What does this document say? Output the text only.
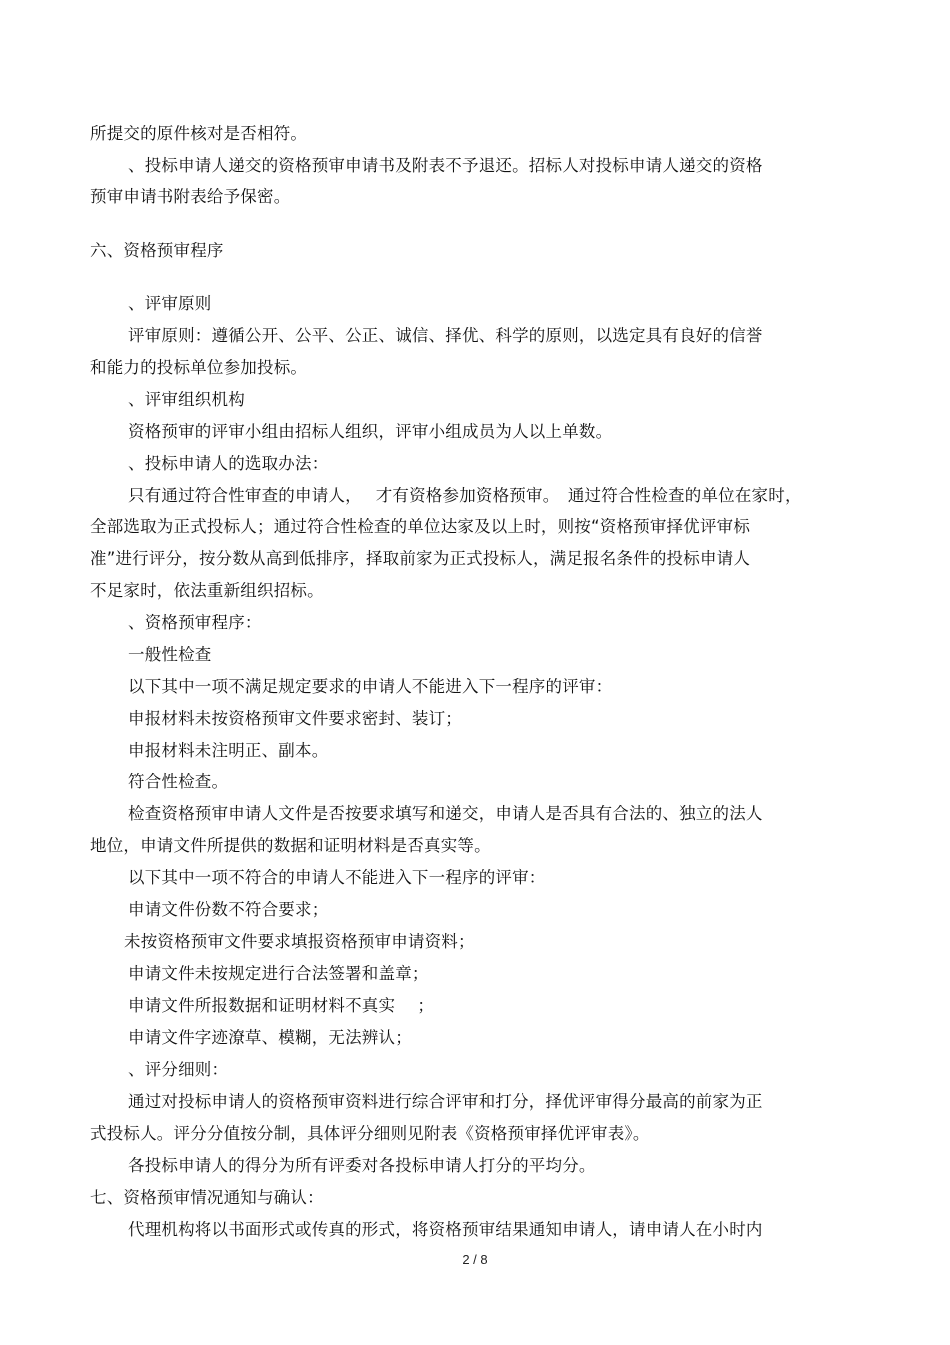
所提交的原件核对是否相符。
、投标申请人递交的资格预审申请书及附表不予退还。招标人对投标申请人递交的资格
预审申请书附表给予保密。
六、资格预审程序
、评审原则
评审原则：遵循公开、公平、公正、诚信、择优、科学的原则，以选定具有良好的信誉
和能力的投标单位参加投标。
、评审组织机构
资格预审的评审小组由招标人组织，评审小组成员为人以上单数。
、投标申请人的选取办法：
只有通过符合性审查的申请人，　 才有资格参加资格预审。　通过符合性检查的单位在家时，
全部选取为正式投标人；通过符合性检查的单位达家及以上时，则按“资格预审择优评审标
准”进行评分，按分数从高到低排序，择取前家为正式投标人，满足报名条件的投标申请人
不足家时，依法重新组织招标。
、资格预审程序：
一般性检查
以下其中一项不满足规定要求的申请人不能进入下一程序的评审：
申报材料未按资格预审文件要求密封、装订；
申报材料未注明正、副本。
符合性检查。
检查资格预审申请人文件是否按要求填写和递交，申请人是否具有合法的、独立的法人
地位，申请文件所提供的数据和证明材料是否真实等。
以下其中一项不符合的申请人不能进入下一程序的评审：
申请文件份数不符合要求；
未按资格预审文件要求填报资格预审申请资料；
申请文件未按规定进行合法签署和盖章；
申请文件所报数据和证明材料不真实　 ；
申请文件字迹潦草、模糊，无法辨认；
、评分细则：
通过对投标申请人的资格预审资料进行综合评审和打分，择优评审得分最高的前家为正
式投标人。评分分值按分制，具体评分细则见附表《资格预审择优评审表》。
各投标申请人的得分为所有评委对各投标申请人打分的平均分。
七、资格预审情况通知与确认：
代理机构将以书面形式或传真的形式，将资格预审结果通知申请人，请申请人在小时内
2 / 8
